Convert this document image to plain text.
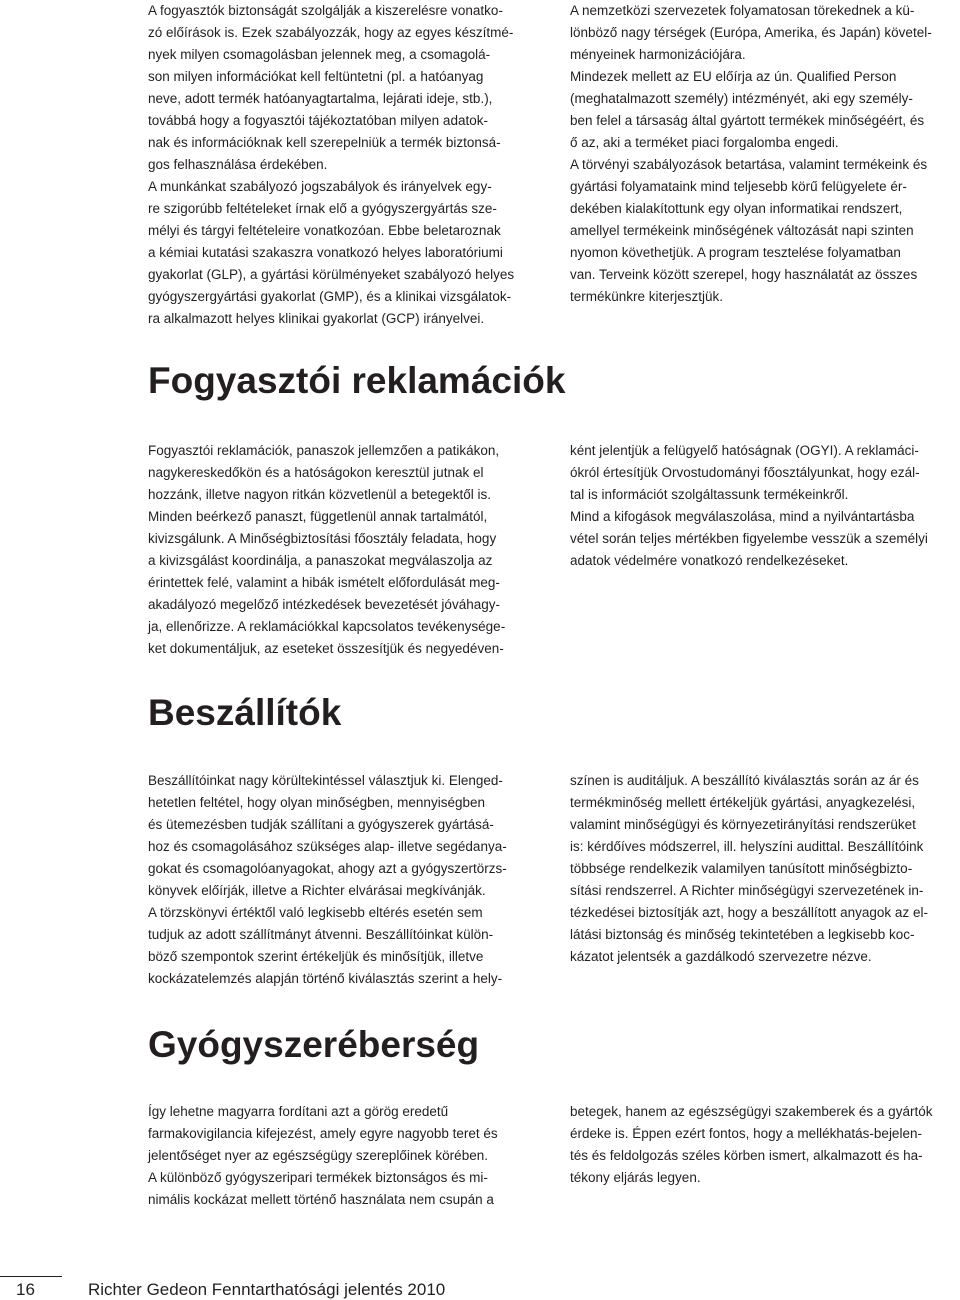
A fogyasztók biztonságát szolgálják a kiszerelésre vonatko-
zó előírások is. Ezek szabályozzák, hogy az egyes készítmé-
nyek milyen csomagolásban jelennek meg, a csomagolá-
son milyen információkat kell feltüntetni (pl. a hatóanyag
neve, adott termék hatóanyagtartalma, lejárati ideje, stb.),
továbbá hogy a fogyasztói tájékoztatóban milyen adatok-
nak és információknak kell szerepelniük a termék biztonsá-
gos felhasználása érdekében.
A munkánkat szabályozó jogszabályok és irányelvek egy-
re szigorúbb feltételeket írnak elő a gyógyszergyártás sze-
mélyi és tárgyi feltételeire vonatkozóan. Ebbe beletaroznak
a kémiai kutatási szakaszra vonatkozó helyes laboratóriumi
gyakorlat (GLP), a gyártási körülményeket szabályozó helyes
gyógyszergyártási gyakorlat (GMP), és a klinikai vizsgálatok-
ra alkalmazott helyes klinikai gyakorlat (GCP) irányelvei.
A nemzetközi szervezetek folyamatosan törekednek a kü-
lönböző nagy térségek (Európa, Amerika, és Japán) követel-
ményeinek harmonizációjára.
Mindezek mellett az EU előírja az ún. Qualified Person
(meghatalmazott személy) intézményét, aki egy személy-
ben felel a társaság által gyártott termékek minőségéért, és
ő az, aki a terméket piaci forgalomba engedi.
A törvényi szabályozások betartása, valamint termékeink és
gyártási folyamataink mind teljesebb körű felügyelete ér-
dekében kialakítottunk egy olyan informatikai rendszert,
amellyel termékeink minőségének változását napi szinten
nyomon követhetjük. A program tesztelése folyamatban
van. Terveink között szerepel, hogy használatát az összes
termékünkre kiterjesztjük.
Fogyasztói reklamációk
Fogyasztói reklamációk, panaszok jellemzően a patikákon,
nagykereskedőkön és a hatóságokon keresztül jutnak el
hozzánk, illetve nagyon ritkán közvetlenül a betegektől is.
Minden beérkező panaszt, függetlenül annak tartalmától,
kivizsgálunk. A Minőségbiztosítási főosztály feladata, hogy
a kivizsgálást koordinálja, a panaszokat megválaszolja az
érintettek felé, valamint a hibák ismételt előfordulását meg-
akadályozó megelőző intézkedések bevezetését jóváhagy-
ja, ellenőrizze. A reklamációkkal kapcsolatos tevékenysége-
ket dokumentáljuk, az eseteket összesítjük és negyedéven-
ként jelentjük a felügyelő hatóságnak (OGYI). A reklamáci-
ókról értesítjük Orvostudományi főosztályunkat, hogy ezál-
tal is információt szolgáltassunk termékeinkről.
Mind a kifogások megválaszolása, mind a nyilvántartásba
vétel során teljes mértékben figyelembe vesszük a személyi
adatok védelmére vonatkozó rendelkezéseket.
Beszállítók
Beszállítóinkat nagy körültekintéssel választjuk ki. Elenged-
hetetlen feltétel, hogy olyan minőségben, mennyiségben
és ütemezésben tudják szállítani a gyógyszerek gyártásá-
hoz és csomagolásához szükséges alap- illetve segédanya-
gokat és csomagolóanyagokat, ahogy azt a gyógyszertörzs-
könyvek előírják, illetve a Richter elvárásai megkívánják.
A törzskönyvi értéktől való legkisebb eltérés esetén sem
tudjuk az adott szállítmányt átvenni. Beszállítóinkat külön-
böző szempontok szerint értékeljük és minősítjük, illetve
kockázatelemzés alapján történő kiválasztás szerint a hely-
színen is auditáljuk. A beszállító kiválasztás során az ár és
termékminőség mellett értékeljük gyártási, anyagkezelési,
valamint minőségügyi és környezetirányítási rendszerüket
is: kérdőíves módszerrel, ill. helyszíni audittal. Beszállítóink
többsége rendelkezik valamilyen tanúsított minőségbizto-
sítási rendszerrel. A Richter minőségügyi szervezetének in-
tézkedései biztosítják azt, hogy a beszállított anyagok az el-
látási biztonság és minőség tekintetében a legkisebb koc-
kázatot jelentsék a gazdálkodó szervezetre nézve.
Gyógyszeréberség
Így lehetne magyarra fordítani azt a görög eredetű
farmakovigilancia kifejezést, amely egyre nagyobb teret és
jelentőséget nyer az egészségügy szereplőinek körében.
A különböző gyógyszeripari termékek biztonságos és mi-
nimális kockázat mellett történő használata nem csupán a
betegek, hanem az egészségügyi szakemberek és a gyártók
érdeke is. Éppen ezért fontos, hogy a mellékhatás-bejelen-
tés és feldolgozás széles körben ismert, alkalmazott és ha-
tékony eljárás legyen.
16	Richter Gedeon Fenntarthatósági jelentés 2010
